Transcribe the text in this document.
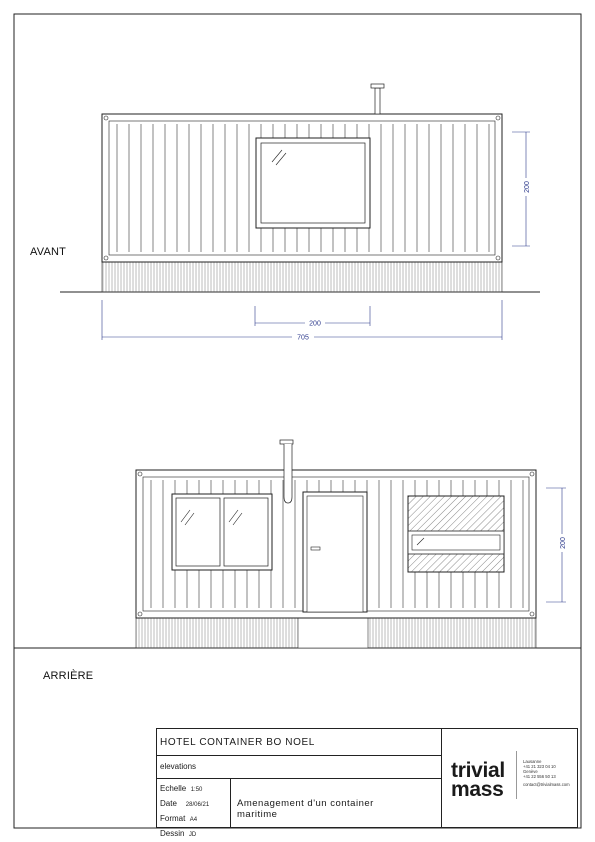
200
705
200
200
AVANT
ARRIÈRE
HOTEL CONTAINER BO NOEL
elevations
Echelle 1:50
Date 28/06/21
Format A4
Dessin JD
Amenagement d'un container
maritime
trivial
mass
Lausanne
+41 21 323 04 10
Genève
+41 22 556 50 13
contact@trivialmass.com
